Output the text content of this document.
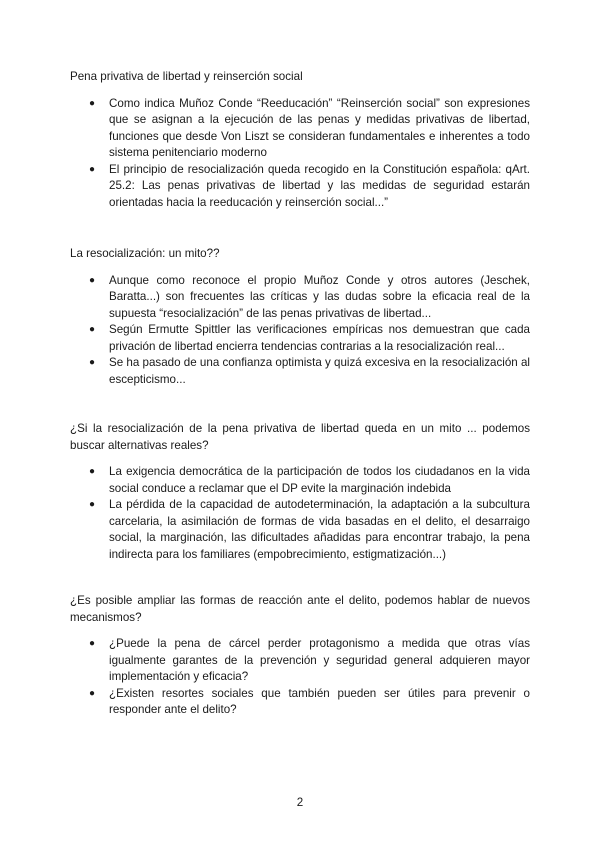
Pena privativa de libertad y reinserción social

● Como indica Muñoz Conde “Reeducación” “Reinserción social” son expresiones que se asignan a la ejecución de las penas y medidas privativas de libertad, funciones que desde Von Liszt se consideran fundamentales e inherentes a todo sistema penitenciario moderno
● El principio de resocialización queda recogido en la Constitución española: qArt. 25.2: Las penas privativas de libertad y las medidas de seguridad estarán orientadas hacia la reeducación y reinserción social...”

La resocialización: un mito??

● Aunque como reconoce el propio Muñoz Conde y otros autores (Jeschek, Baratta...) son frecuentes las críticas y las dudas sobre la eficacia real de la supuesta “resocialización” de las penas privativas de libertad...
● Según Ermutte Spittler las verificaciones empíricas nos demuestran que cada privación de libertad encierra tendencias contrarias a la resocialización real...
● Se ha pasado de una confianza optimista y quizá excesiva en la resocialización al escepticismo...

¿Si la resocialización de la pena privativa de libertad queda en un mito ... podemos buscar alternativas reales?

● La exigencia democrática de la participación de todos los ciudadanos en la vida social conduce a reclamar que el DP evite la marginación indebida
● La pérdida de la capacidad de autodeterminación, la adaptación a la subcultura carcelaria, la asimilación de formas de vida basadas en el delito, el desarraigo social, la marginación, las dificultades añadidas para encontrar trabajo, la pena indirecta para los familiares (empobrecimiento, estigmatización...)

¿Es posible ampliar las formas de reacción ante el delito, podemos hablar de nuevos mecanismos?

● ¿Puede la pena de cárcel perder protagonismo a medida que otras vías igualmente garantes de la prevención y seguridad general adquieren mayor implementación y eficacia?
● ¿Existen resortes sociales que también pueden ser útiles para prevenir o responder ante el delito?
2
